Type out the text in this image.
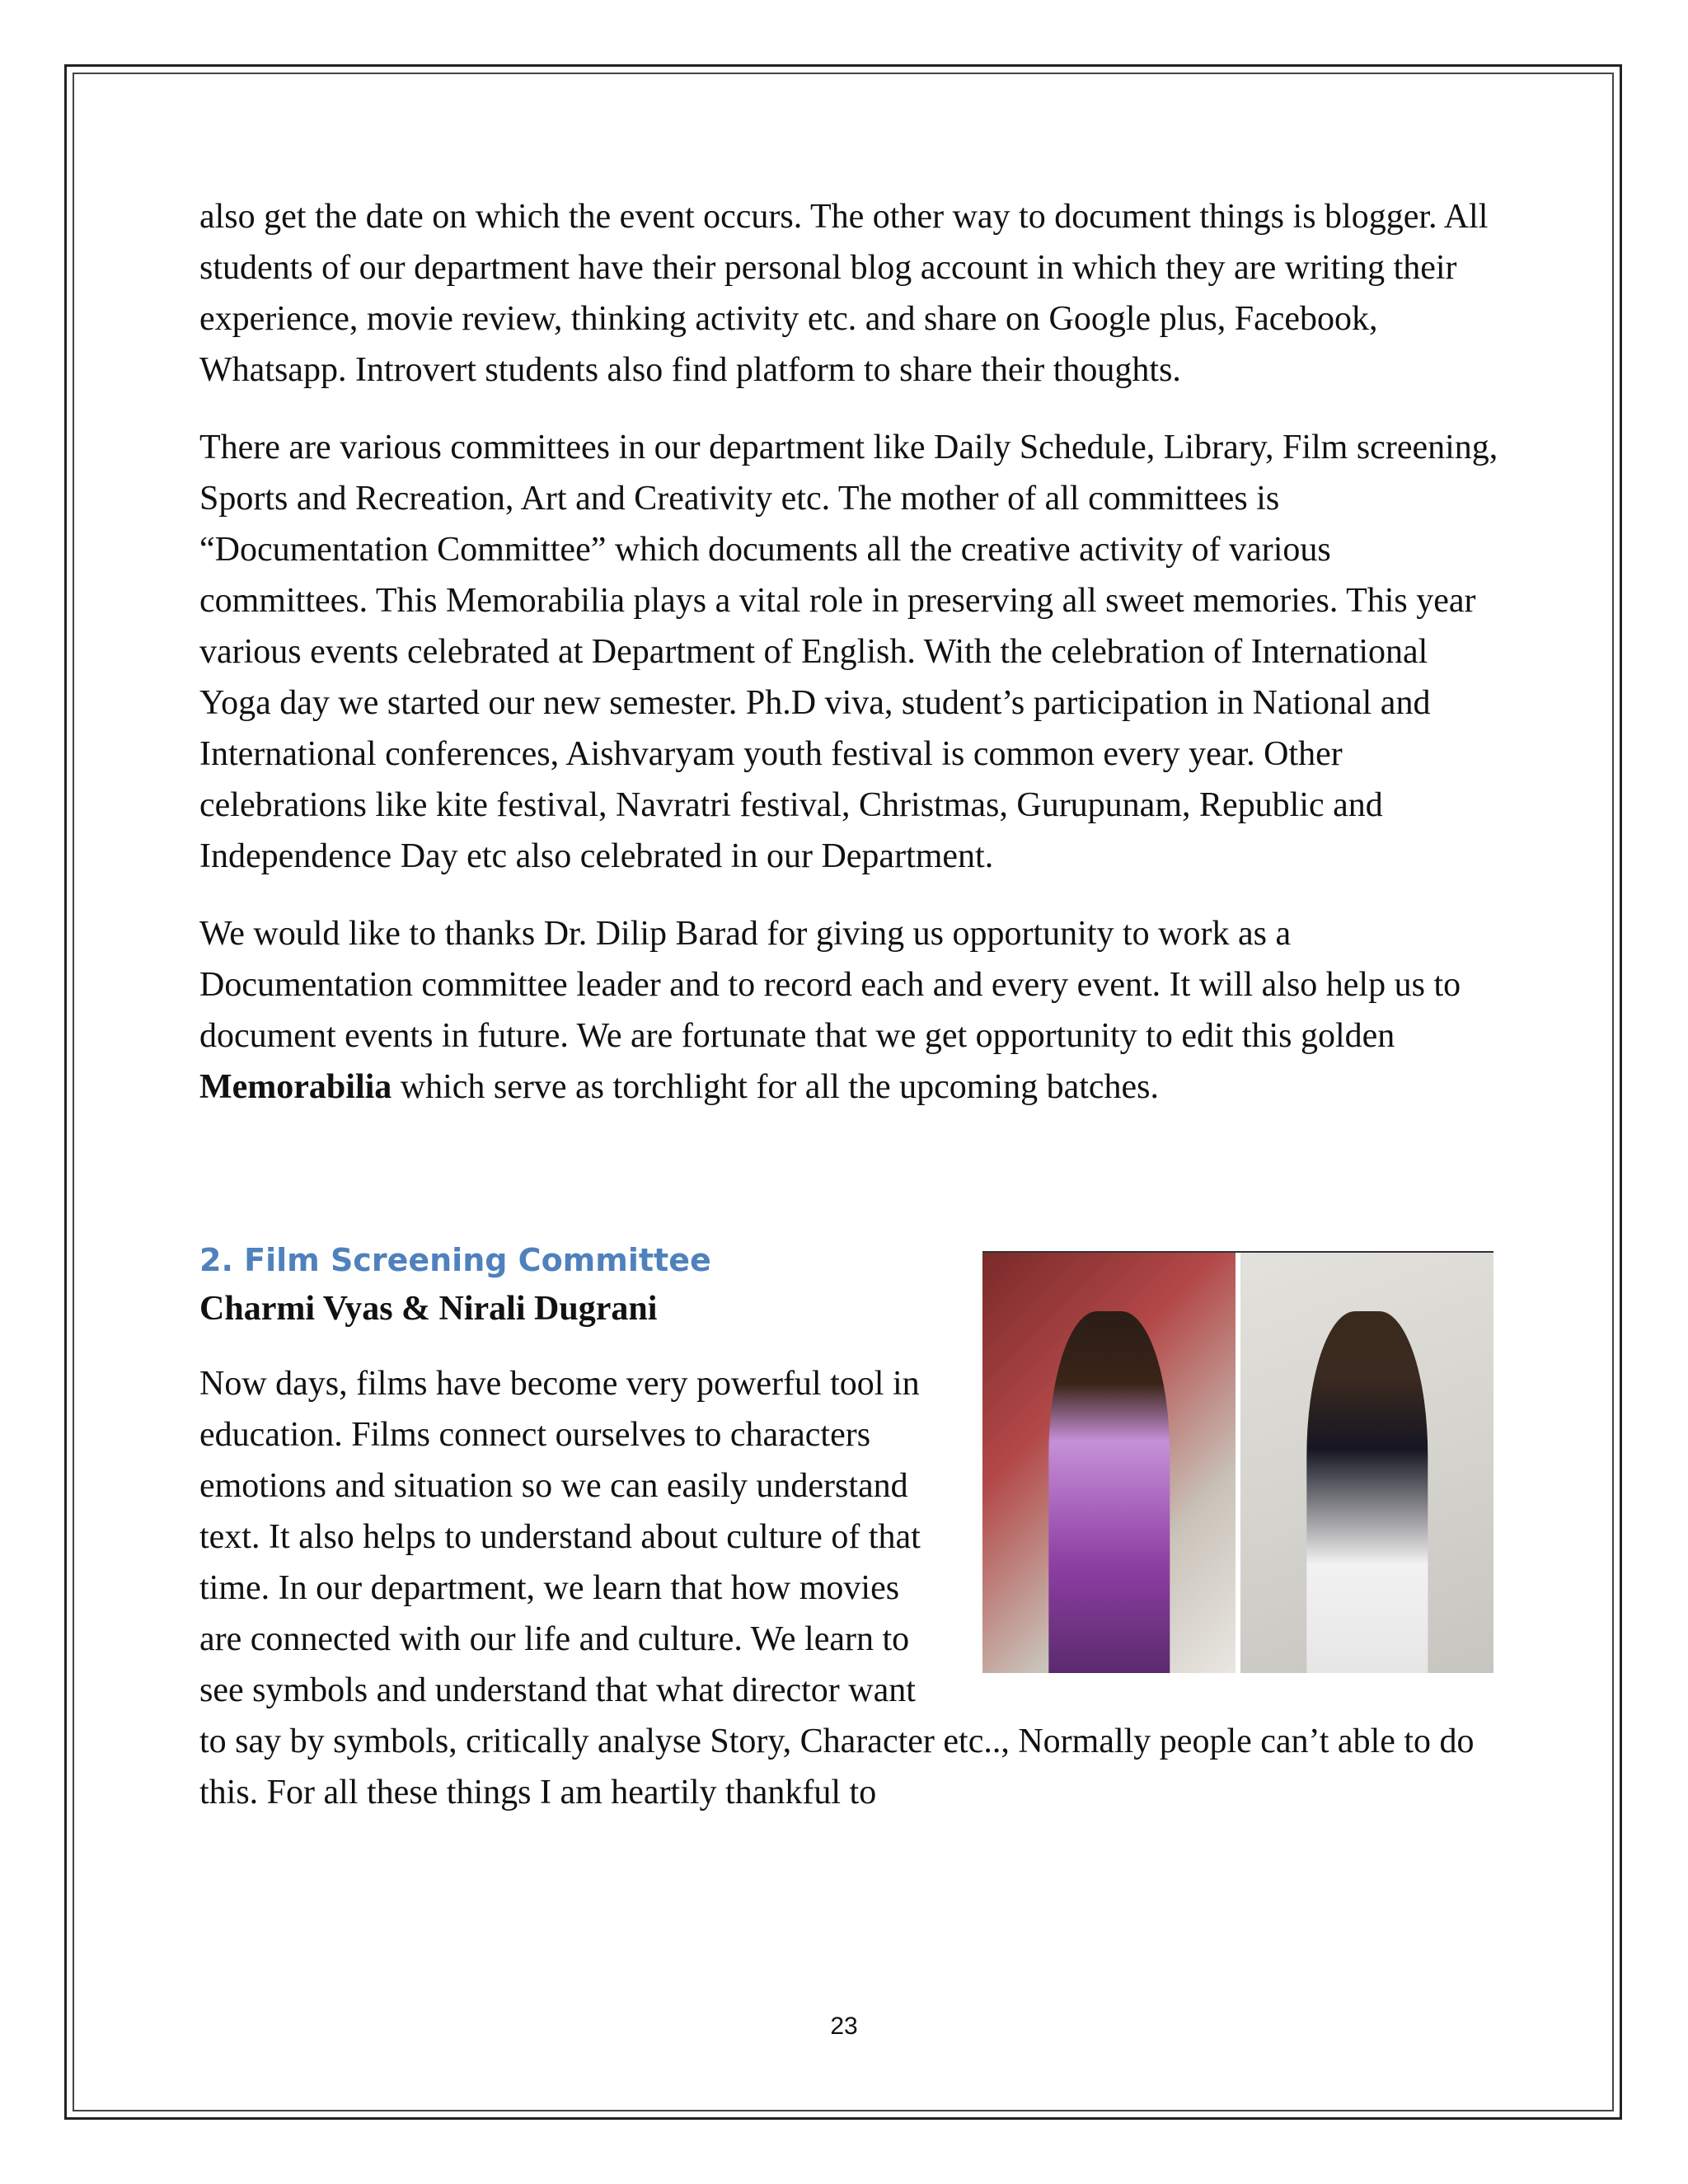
also get the date on which the event occurs. The other way to document things is blogger. All students of our department have their personal blog account in which they are writing their experience, movie review, thinking activity etc. and share on Google plus, Facebook, Whatsapp. Introvert students also find platform to share their thoughts.

There are various committees in our department like Daily Schedule, Library, Film screening, Sports and Recreation, Art and Creativity etc. The mother of all committees is “Documentation Committee” which documents all the creative activity of various committees. This Memorabilia plays a vital role in preserving all sweet memories. This year various events celebrated at Department of English. With the celebration of International Yoga day we started our new semester. Ph.D viva, student’s participation in National and International conferences, Aishvaryam youth festival is common every year. Other celebrations like kite festival, Navratri festival, Christmas, Gurupunam, Republic and Independence Day etc also celebrated in our Department.

We would like to thanks Dr. Dilip Barad for giving us opportunity to work as a Documentation committee leader and to record each and every event. It will also help us to document events in future. We are fortunate that we get opportunity to edit this golden Memorabilia which serve as torchlight for all the upcoming batches.

2. Film Screening Committee
Charmi Vyas & Nirali Dugrani

Now days, films have become very powerful tool in education. Films connect ourselves to characters emotions and situation so we can easily understand text. It also helps to understand about culture of that time. In our department, we learn that how movies are connected with our life and culture. We learn to see symbols and understand that what director want to say by symbols, critically analyse Story, Character etc.., Normally people can’t able to do this. For all these things I am heartily thankful to

23
